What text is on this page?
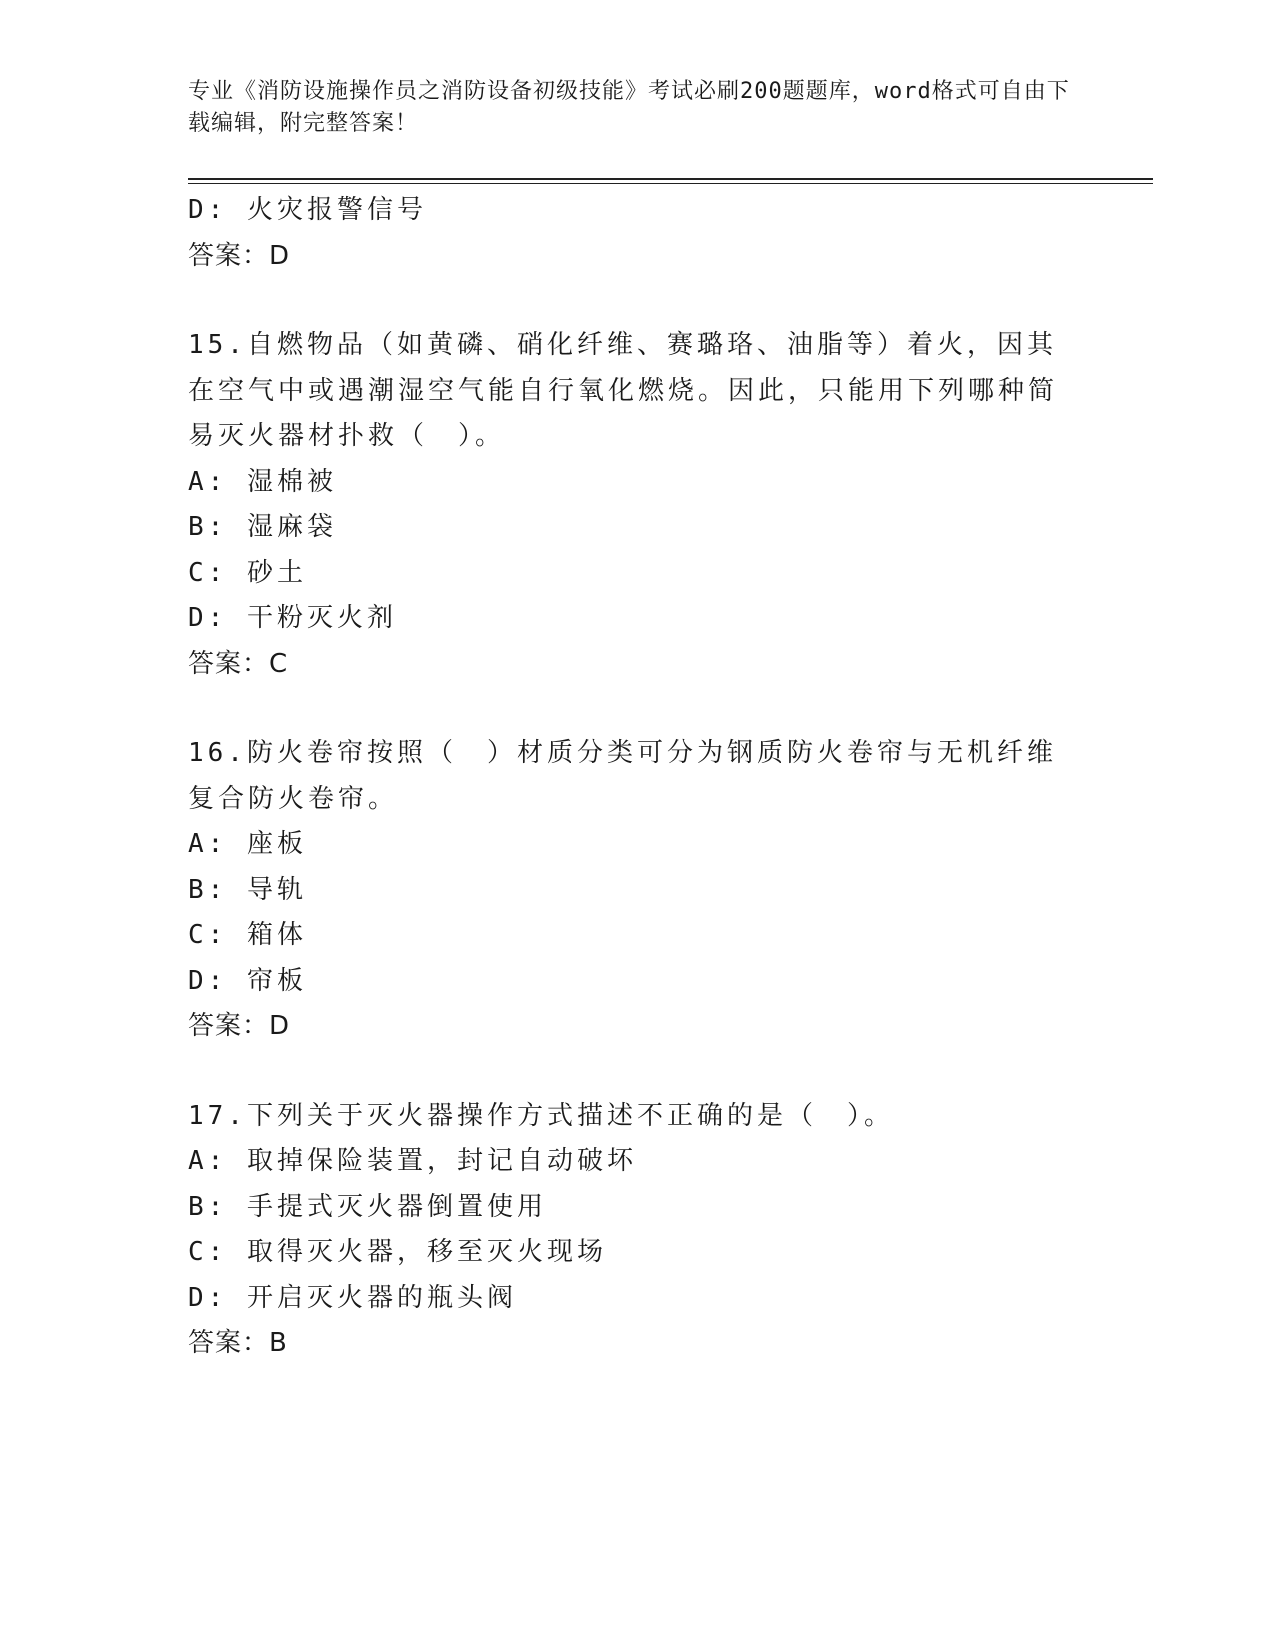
专业《消防设施操作员之消防设备初级技能》考试必刷200题题库，word格式可自由下载编辑，附完整答案！
D: 火灾报警信号
答案：D
15.自燃物品（如黄磷、硝化纤维、赛璐珞、油脂等）着火，因其在空气中或遇潮湿空气能自行氧化燃烧。因此，只能用下列哪种简易灭火器材扑救（　）。
A: 湿棉被
B: 湿麻袋
C: 砂土
D: 干粉灭火剂
答案：C
16.防火卷帘按照（　）材质分类可分为钢质防火卷帘与无机纤维复合防火卷帘。
A: 座板
B: 导轨
C: 箱体
D: 帘板
答案：D
17.下列关于灭火器操作方式描述不正确的是（　）。
A: 取掉保险装置，封记自动破坏
B: 手提式灭火器倒置使用
C: 取得灭火器，移至灭火现场
D: 开启灭火器的瓶头阀
答案：B
